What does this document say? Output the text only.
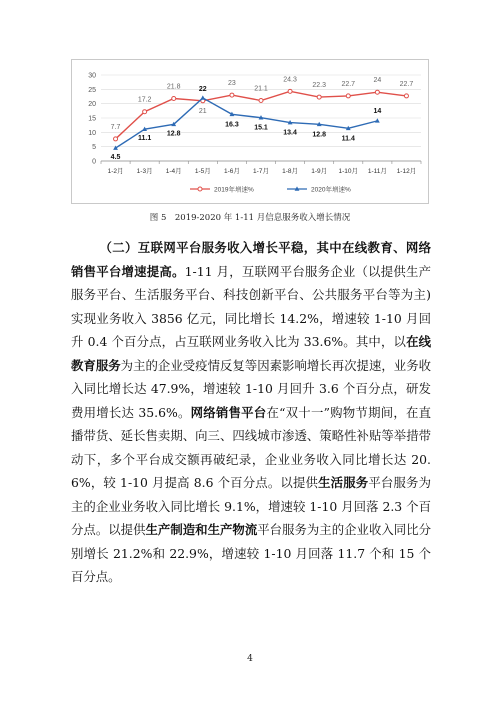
0
5
10
15
20
25
30
1-2月 1-3月 1-4月 1-5月 1-6月 1-7月 1-8月 1-9月 1-10月 1-11月 1-12月
7.7
17.2
21.8
21
23
21.1
24.3
22.3 22.7
24
22.7
4.5
11.1
12.8
22
16.3 15.1
13.4 12.8
11.4
14
2019年增速%	2020年增速%
图 5　2019-2020 年 1-11 月信息服务收入增长情况

（二）互联网平台服务收入增长平稳，其中在线教育、网络销售平台增速提高。1-11 月，互联网平台服务企业（以提供生产服务平台、生活服务平台、科技创新平台、公共服务平台等为主)实现业务收入 3856 亿元，同比增长 14.2%，增速较 1-10 月回升 0.4 个百分点，占互联网业务收入比为 33.6%。其中，以在线教育服务为主的企业受疫情反复等因素影响增长再次提速，业务收入同比增长达 47.9%，增速较 1-10 月回升 3.6 个百分点，研发费用增长达 35.6%。网络销售平台在“双十一”购物节期间，在直播带货、延长售卖期、向三、四线城市渗透、策略性补贴等举措带动下，多个平台成交额再破纪录，企业业务收入同比增长达 20.6%，较 1-10 月提高 8.6 个百分点。以提供生活服务平台服务为主的企业业务收入同比增长 9.1%，增速较 1-10 月回落 2.3 个百分点。以提供生产制造和生产物流平台服务为主的企业收入同比分别增长 21.2%和 22.9%，增速较 1-10 月回落 11.7 个和 15 个百分点。

4
